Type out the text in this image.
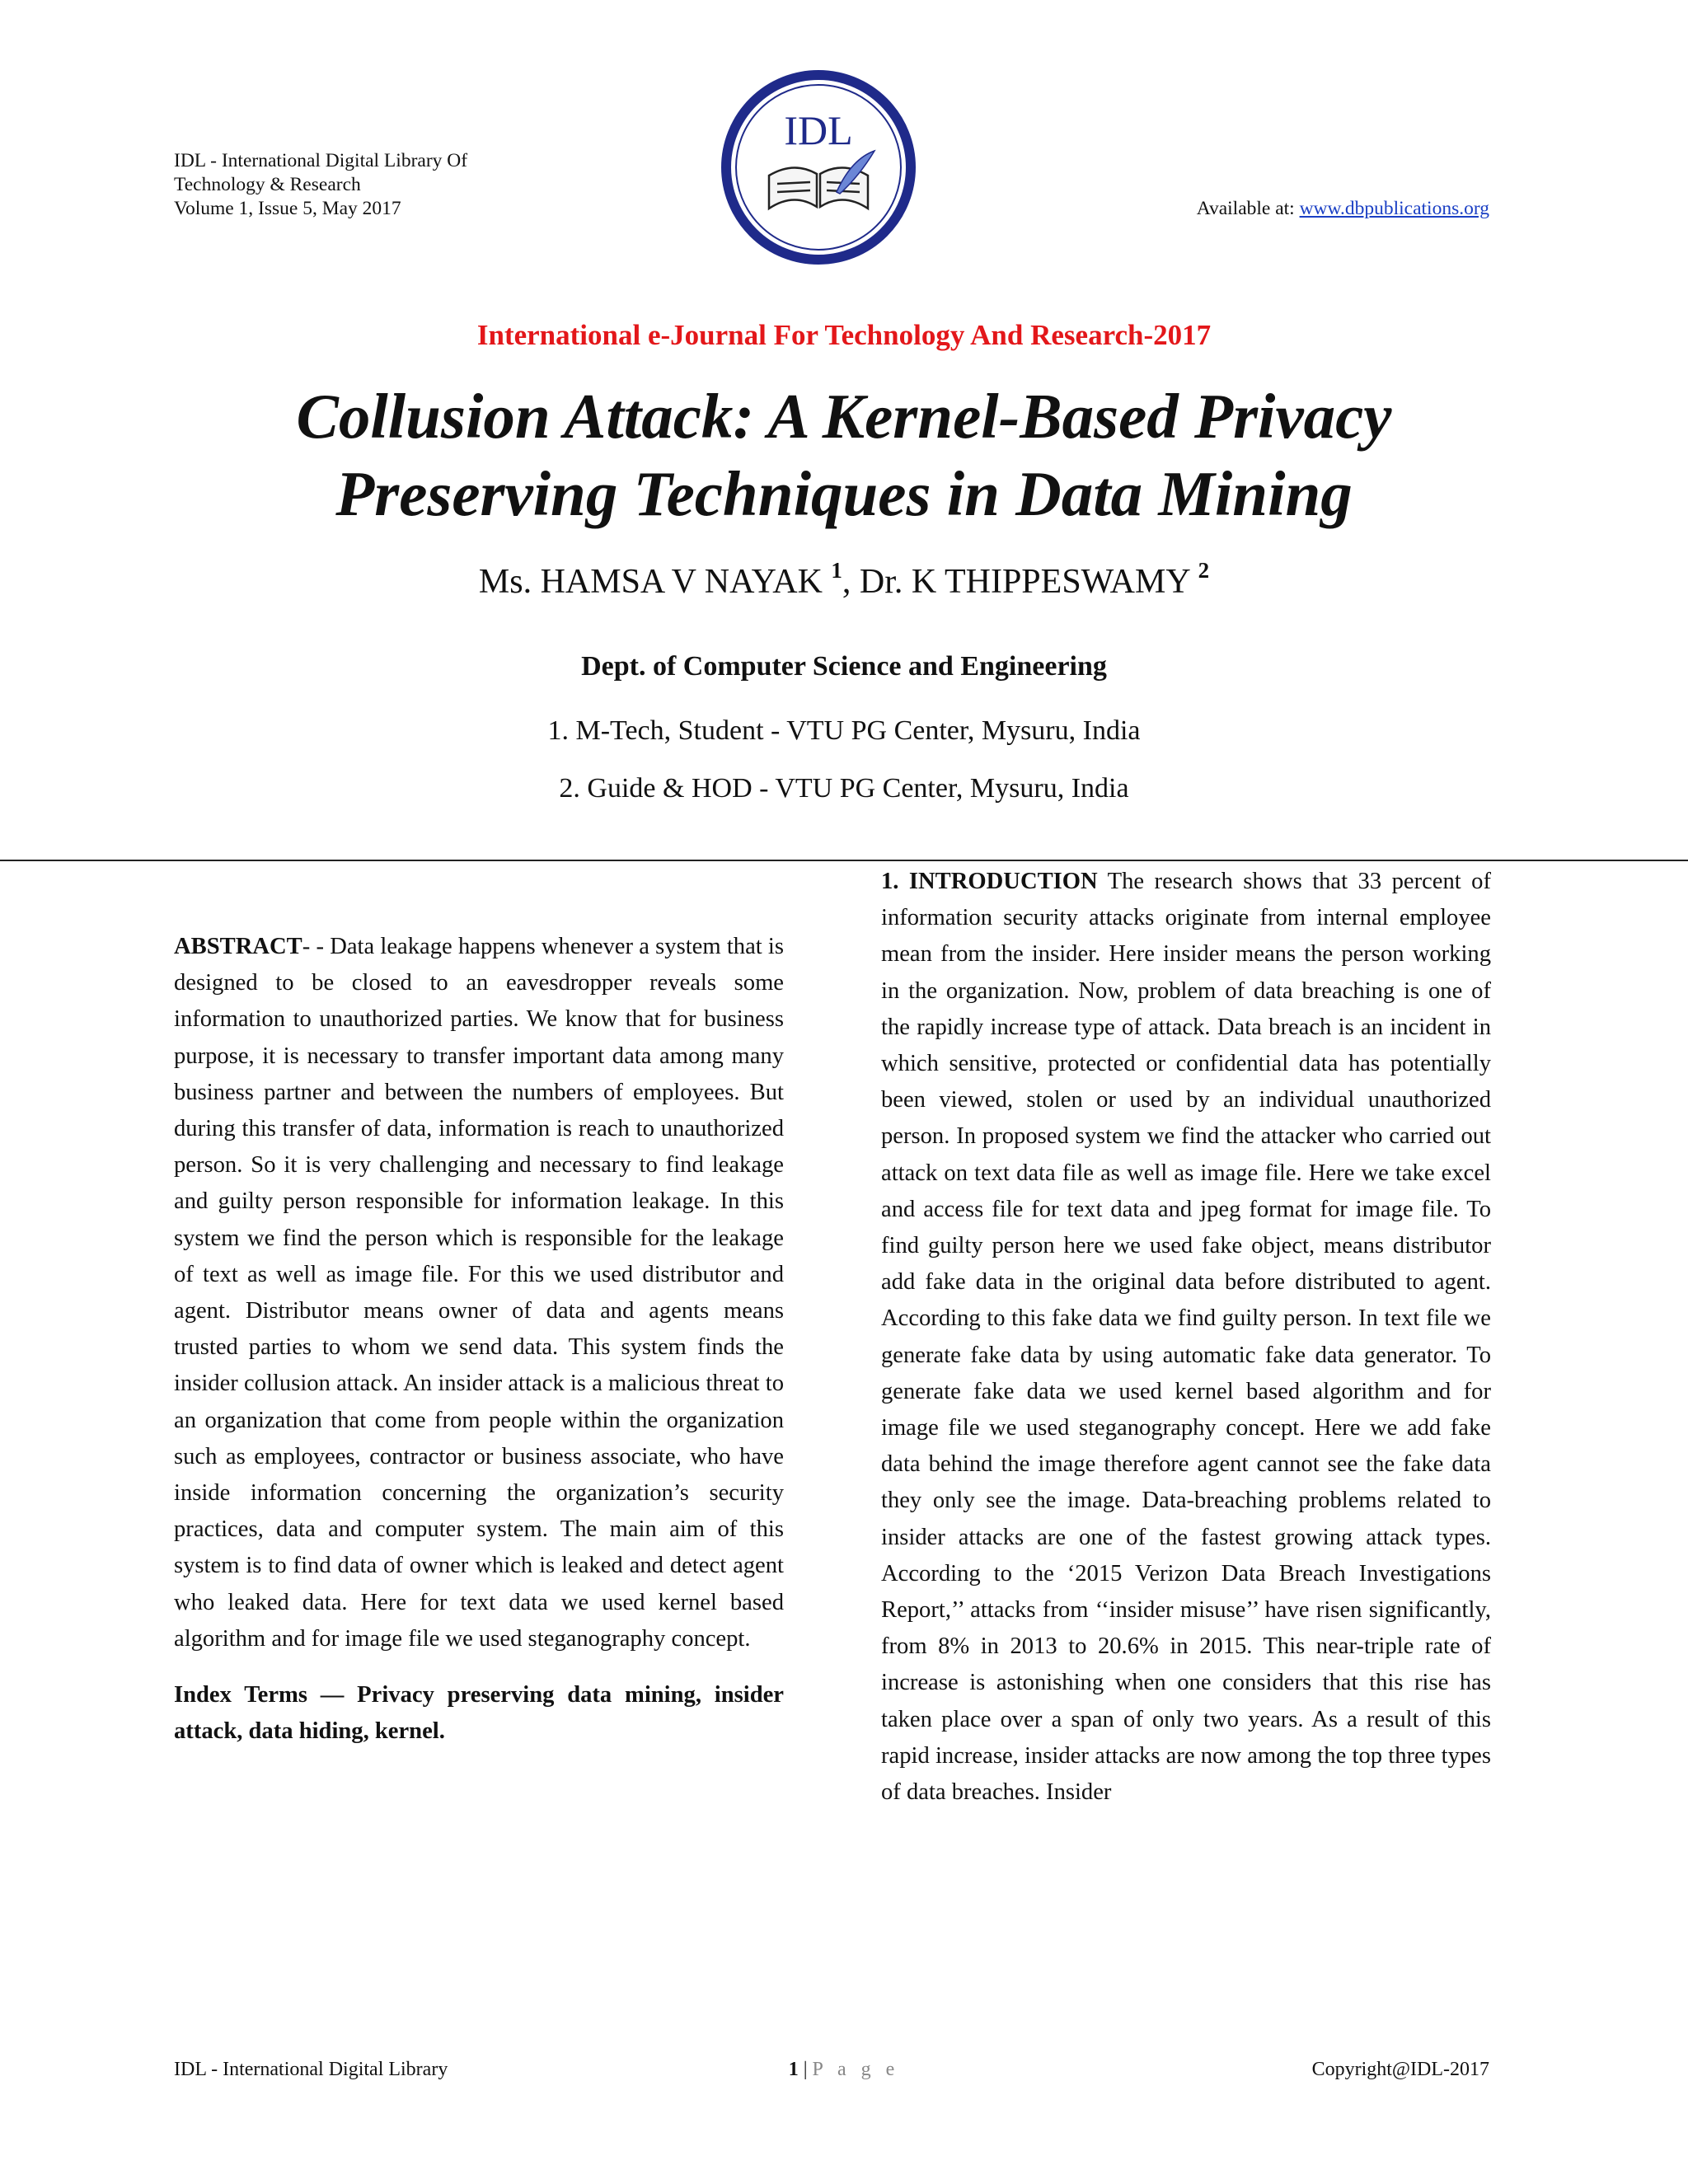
IDL - International Digital Library Of
Technology & Research
Volume 1, Issue 5, May 2017	Available at: www.dbpublications.org
IDL
International e-Journal For Technology And Research-2017
Collusion Attack: A Kernel-Based Privacy
Preserving Techniques in Data Mining
Ms. HAMSA V NAYAK $^1$, Dr. K THIPPESWAMY $^2$
Dept. of Computer Science and Engineering
1. M-Tech, Student - VTU PG Center, Mysuru, India
2. Guide & HOD - VTU PG Center, Mysuru, India

ABSTRACT- - Data leakage happens whenever a system that is designed to be closed to an eavesdropper reveals some information to unauthorized parties. We know that for business purpose, it is necessary to transfer important data among many business partner and between the numbers of employees. But during this transfer of data, information is reach to unauthorized person. So it is very challenging and necessary to find leakage and guilty person responsible for information leakage. In this system we find the person which is responsible for the leakage of text as well as image file. For this we used distributor and agent. Distributor means owner of data and agents means trusted parties to whom we send data. This system finds the insider collusion attack. An insider attack is a malicious threat to an organization that come from people within the organization such as employees, contractor or business associate, who have inside information concerning the organization’s security practices, data and computer system. The main aim of this system is to find data of owner which is leaked and detect agent who leaked data. Here for text data we used kernel based algorithm and for image file we used steganography concept.

Index Terms — Privacy preserving data mining, insider attack, data hiding, kernel.

1. INTRODUCTION The research shows that 33 percent of information security attacks originate from internal employee mean from the insider. Here insider means the person working in the organization. Now, problem of data breaching is one of the rapidly increase type of attack. Data breach is an incident in which sensitive, protected or confidential data has potentially been viewed, stolen or used by an individual unauthorized person. In proposed system we find the attacker who carried out attack on text data file as well as image file. Here we take excel and access file for text data and jpeg format for image file. To find guilty person here we used fake object, means distributor add fake data in the original data before distributed to agent. According to this fake data we find guilty person. In text file we generate fake data by using automatic fake data generator. To generate fake data we used kernel based algorithm and for image file we used steganography concept. Here we add fake data behind the image therefore agent cannot see the fake data they only see the image. Data-breaching problems related to insider attacks are one of the fastest growing attack types. According to the ‘2015 Verizon Data Breach Investigations Report,’’ attacks from ‘‘insider misuse’’ have risen significantly, from 8% in 2013 to 20.6% in 2015. This near-triple rate of increase is astonishing when one considers that this rise has taken place over a span of only two years. As a result of this rapid increase, insider attacks are now among the top three types of data breaches. Insider

IDL - International Digital Library	1 | P a g e	Copyright@IDL-2017
